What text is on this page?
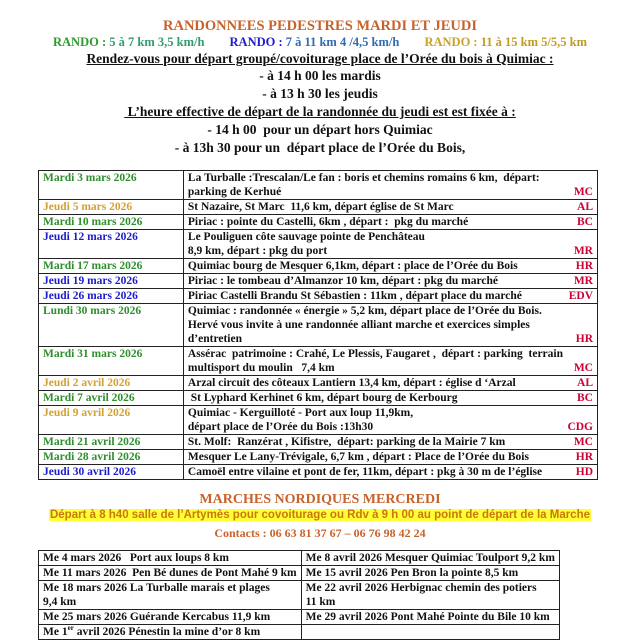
RANDONNEES PEDESTRES MARDI ET JEUDI
RANDO : 5 à 7 km 3,5 km/h RANDO : 7 à 11 km 4 /4,5 km/h RANDO : 11 à 15 km 5/5,5 km
Rendez-vous pour départ groupé/covoiturage place de l’Orée du bois à Quimiac :
- à 14 h 00 les mardis
- à 13 h 30 les jeudis
L’heure effective de départ de la randonnée du jeudi est est fixée à :
- 14 h 00  pour un départ hors Quimiac
- à 13h 30 pour un  départ place de l’Orée du Bois,
Mardi 3 mars 2026	La Turballe :Trescalan/Le fan : boris et chemins romains 6 km,  départ:
parking de Kerhué MC

Jeudi 5 mars 2026	St Nazaire, St Marc  11,6 km, départ église de St Marc AL

Mardi 10 mars 2026	Piriac : pointe du Castelli, 6km , départ :  pkg du marché BC

Jeudi 12 mars 2026	Le Pouliguen côte sauvage pointe de Penchâteau
8,9 km, départ : pkg du port MR

Mardi 17 mars 2026	Quimiac bourg de Mesquer 6,1km, départ : place de l’Orée du Bois HR

Jeudi 19 mars 2026	Piriac : le tombeau d’Almanzor 10 km, départ : pkg du marché MR

Jeudi 26 mars 2026	Piriac Castelli Brandu St Sébastien : 11km , départ place du marché EDV

Lundi 30 mars 2026	Quimiac : randonnée « énergie » 5,2 km, départ place de l’Orée du Bois.
Hervé vous invite à une randonnée alliant marche et exercices simples
d’entretien HR

Mardi 31 mars 2026	Assérac  patrimoine : Crahé, Le Plessis, Faugaret ,  départ : parking  terrain
multisport du moulin   7,4 km MC

Jeudi 2 avril 2026	Arzal circuit des côteaux Lantiern 13,4 km, départ : église d ‘Arzal AL

Mardi 7 avril 2026	St Lyphard Kerhinet 6 km, départ bourg de Kerbourg BC

Jeudi 9 avril 2026	Quimiac - Kerguilloté - Port aux loup 11,9km,
départ place de l’Orée du Bois :13h30 CDG

Mardi 21 avril 2026	St. Molf:  Ranzérat , Kifistre,  départ: parking de la Mairie 7 km MC

Mardi 28 avril 2026	Mesquer Le Lany-Trévigale, 6,7 km , départ : Place de l’Orée du Bois HR

Jeudi 30 avril 2026	Camoël entre vilaine et pont de fer, 11km, départ : pkg à 30 m de l’église HD
MARCHES NORDIQUES MERCREDI
Départ à 8 h40 salle de l’Artymès pour covoiturage ou Rdv à 9 h 00 au point de départ de la Marche
Contacts : 06 63 81 37 67 – 06 76 98 42 24
Me 4 mars 2026   Port aux loups 8 km	Me 8 avril 2026 Mesquer Quimiac Toulport 9,2 km
Me 11 mars 2026  Pen Bé dunes de Pont Mahé 9 km	Me 15 avril 2026 Pen Bron la pointe 8,5 km
Me 18 mars 2026 La Turballe marais et plages
9,4 km	Me 22 avril 2026 Herbignac chemin des potiers
11 km
Me 25 mars 2026 Guérande Kercabus 11,9 km	Me 29 avril 2026 Pont Mahé Pointe du Bile 10 km
Me 1er avril 2026 Pénestin la mine d’or 8 km	
